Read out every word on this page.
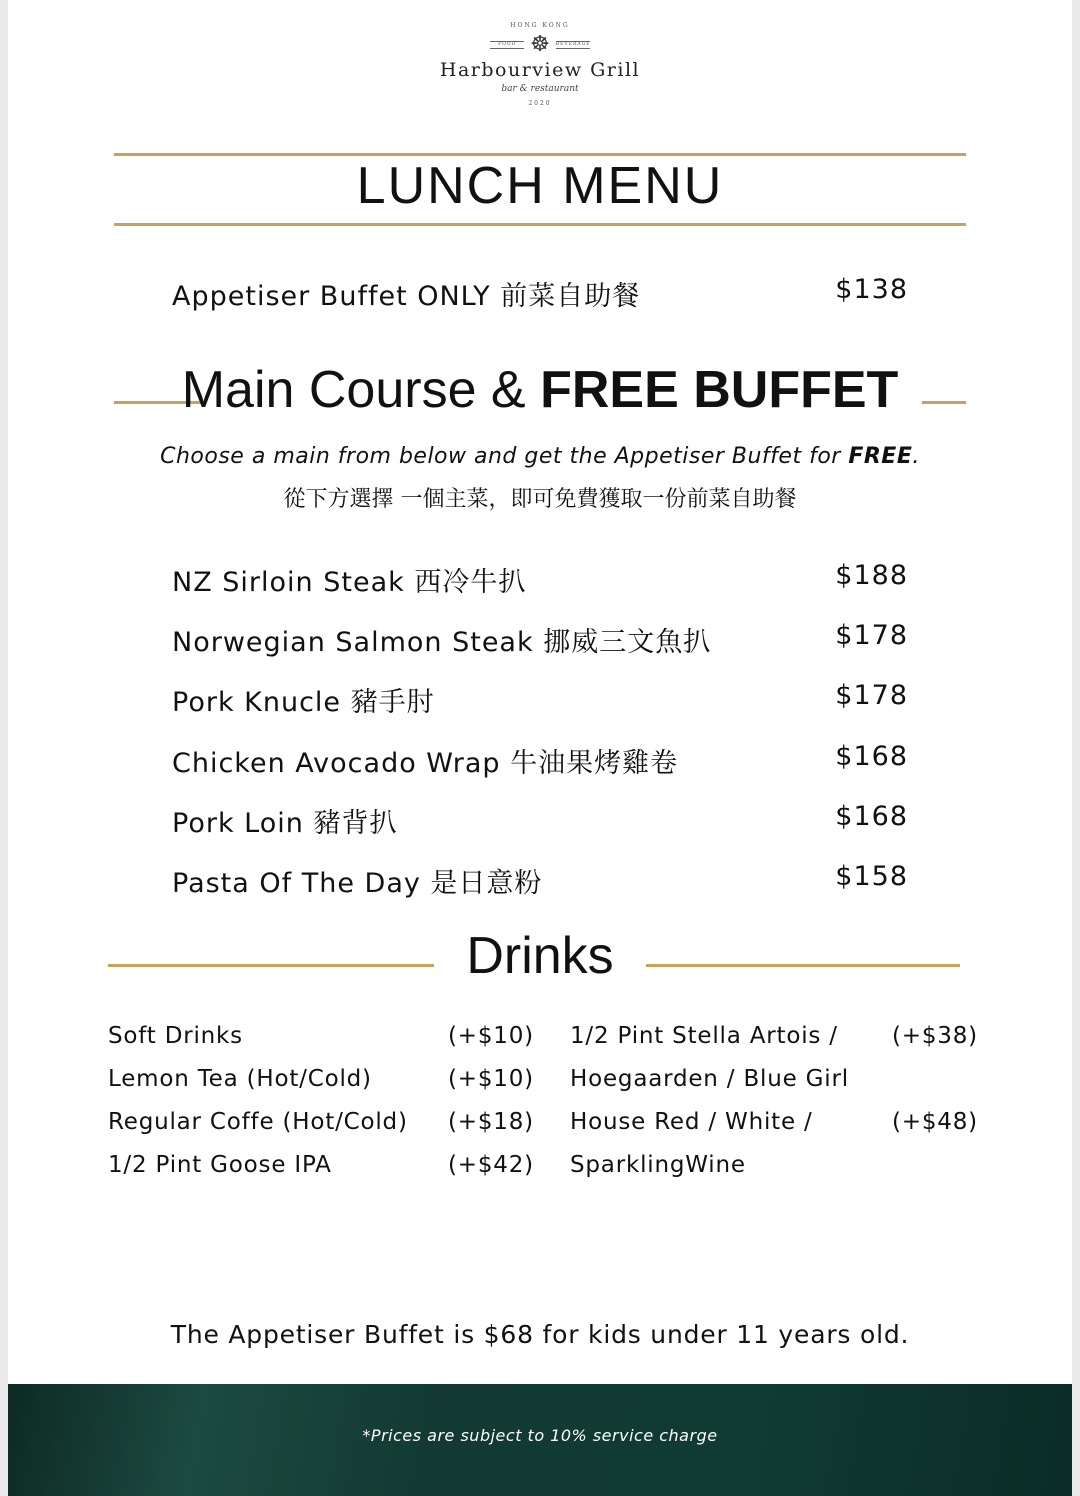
HONG KONG
FOOD ☸ BEVERAGE
Harbourview Grill
bar & restaurant
2020
LUNCH MENU
Appetiser Buffet ONLY 前菜自助餐	$138
Main Course & FREE BUFFET
Choose a main from below and get the Appetiser Buffet for FREE.
從下方選擇 一個主菜，即可免費獲取一份前菜自助餐
NZ Sirloin Steak 西冷牛扒	$188
Norwegian Salmon Steak 挪威三文魚扒	$178
Pork Knucle 豬手肘	$178
Chicken Avocado Wrap 牛油果烤雞卷	$168
Pork Loin 豬背扒	$168
Pasta Of The Day 是日意粉	$158
Drinks
Soft Drinks	(+$10)
Lemon Tea (Hot/Cold)	(+$10)
Regular Coffe (Hot/Cold) (+$18)
1/2 Pint Goose IPA	(+$42)
1/2 Pint Stella Artois / (+$38)
Hoegaarden / Blue Girl
House Red / White /	(+$48)
SparklingWine
The Appetiser Buffet is $68 for kids under 11 years old.
*Prices are subject to 10% service charge
